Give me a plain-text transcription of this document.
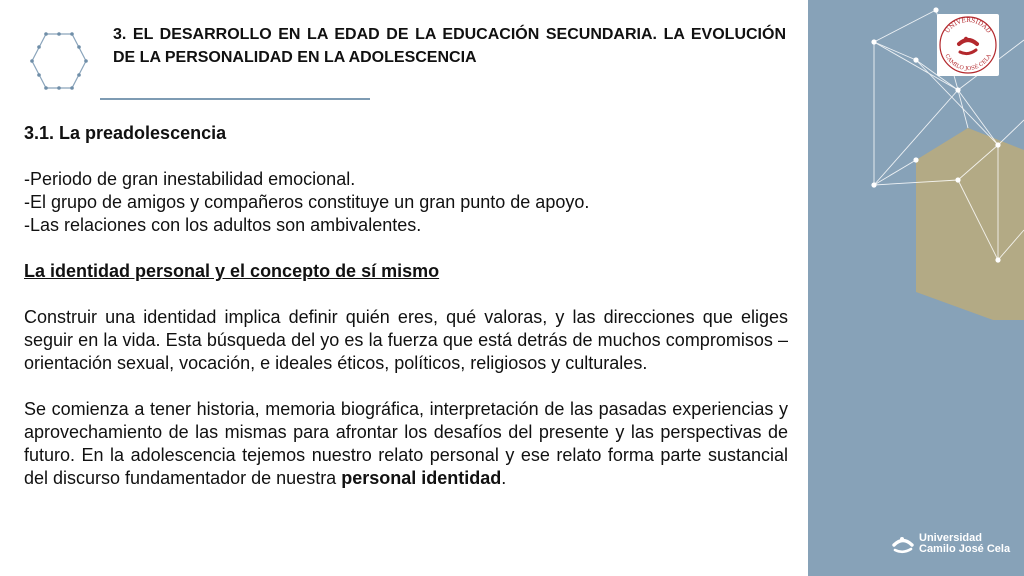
3. EL DESARROLLO EN LA EDAD DE LA EDUCACIÓN SECUNDARIA. LA EVOLUCIÓN DE LA PERSONALIDAD EN LA ADOLESCENCIA

3.1. La preadolescencia

-Periodo de gran inestabilidad emocional.

-El grupo de amigos y compañeros constituye un gran punto de apoyo.

-Las relaciones con los adultos son ambivalentes.

La identidad personal y el concepto de sí mismo

Construir una identidad implica definir quién eres, qué valoras, y las direcciones que eliges seguir en la vida. Esta búsqueda del yo es la fuerza que está detrás de muchos compromisos – orientación sexual, vocación, e ideales éticos, políticos, religiosos y culturales.

Se comienza a tener historia, memoria biográfica, interpretación de las pasadas experiencias y aprovechamiento de las mismas para afrontar los desafíos del presente y las perspectivas de futuro. En la adolescencia tejemos nuestro relato personal y ese relato forma parte sustancial del discurso fundamentador de nuestra personal identidad.

UNIVERSIDAD
CAMILO JOSÉ CELA
Universidad
Camilo José Cela
